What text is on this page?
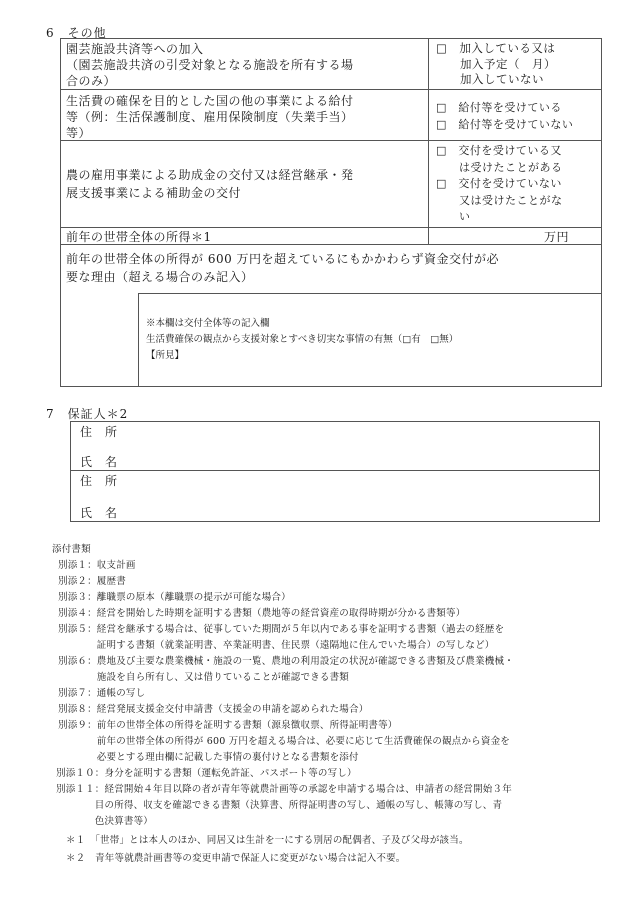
6　その他
園芸施設共済等への加入
（園芸施設共済の引受対象となる施設を所有する場
合のみ）
□　加入している又は
　　加入予定（　月）
　　加入していない
生活費の確保を目的とした国の他の事業による給付
等（例：生活保護制度、雇用保険制度（失業手当）
等）
□　給付等を受けている
□　給付等を受けていない
農の雇用事業による助成金の交付又は経営継承・発
展支援事業による補助金の交付
□　交付を受けている又
　　は受けたことがある
□　交付を受けていない
　　又は受けたことがな
　　い
前年の世帯全体の所得＊1	万円
前年の世帯全体の所得が 600 万円を超えているにもかかわらず資金交付が必
要な理由（超える場合のみ記入）
※本欄は交付全体等の記入欄
生活費確保の観点から支援対象とすべき切実な事情の有無（□有　□無）
【所見】
7　保証人＊2
住　所
氏　名
住　所
氏　名
添付書類
別添１：収支計画
別添２：履歴書
別添３：離職票の原本（離職票の提示が可能な場合）
別添４：経営を開始した時期を証明する書類（農地等の経営資産の取得時期が分かる書類等）
別添５：経営を継承する場合は、従事していた期間が５年以内である事を証明する書類（過去の経歴を
　　　　証明する書類（就業証明書、卒業証明書、住民票（遠隔地に住んでいた場合）の写しなど）
別添６：農地及び主要な農業機械・施設の一覧、農地の利用設定の状況が確認できる書類及び農業機械・
　　　　施設を自ら所有し、又は借りていることが確認できる書類
別添７：通帳の写し
別添８：経営発展支援金交付申請書（支援金の申請を認められた場合）
別添９：前年の世帯全体の所得を証明する書類（源泉徴収票、所得証明書等）
　　　　前年の世帯全体の所得が 600 万円を超える場合は、必要に応じて生活費確保の観点から資金を
　　　　必要とする理由欄に記載した事情の裏付けとなる書類を添付
別添１０：身分を証明する書類（運転免許証、パスポート等の写し）
別添１１：経営開始４年目以降の者が青年等就農計画等の承認を申請する場合は、申請者の経営開始３年
　　　　目の所得、収支を確認できる書類（決算書、所得証明書の写し、通帳の写し、帳簿の写し、青
　　　　色決算書等）
＊１　「世帯」とは本人のほか、同居又は生計を一にする別居の配偶者、子及び父母が該当。
＊２　青年等就農計画書等の変更申請で保証人に変更がない場合は記入不要。
